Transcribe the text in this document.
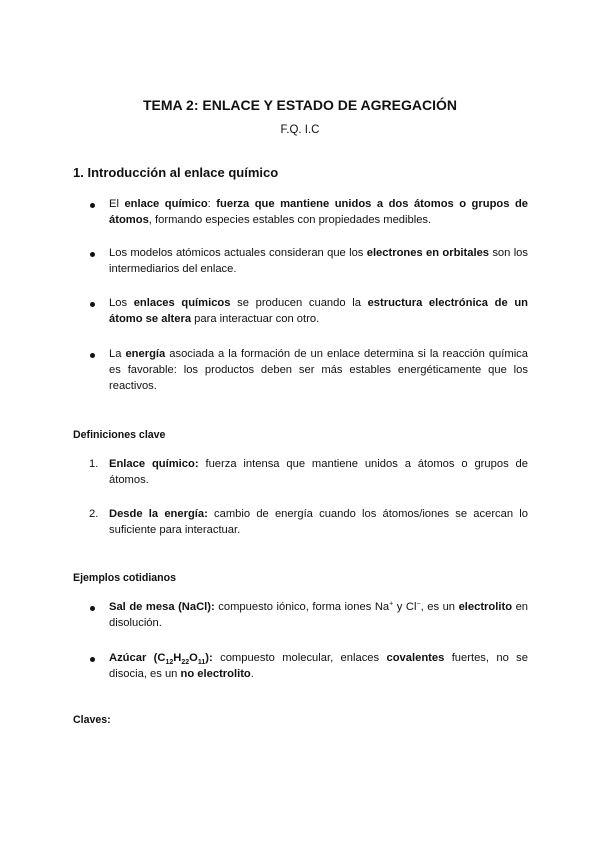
TEMA 2: ENLACE Y ESTADO DE AGREGACIÓN
F.Q. I.C
1. Introducción al enlace químico
El enlace químico: fuerza que mantiene unidos a dos átomos o grupos de átomos, formando especies estables con propiedades medibles.
Los modelos atómicos actuales consideran que los electrones en orbitales son los intermediarios del enlace.
Los enlaces químicos se producen cuando la estructura electrónica de un átomo se altera para interactuar con otro.
La energía asociada a la formación de un enlace determina si la reacción química es favorable: los productos deben ser más estables energéticamente que los reactivos.
Definiciones clave
1. Enlace químico: fuerza intensa que mantiene unidos a átomos o grupos de átomos.
2. Desde la energía: cambio de energía cuando los átomos/iones se acercan lo suficiente para interactuar.
Ejemplos cotidianos
Sal de mesa (NaCl): compuesto iónico, forma iones Na+ y Cl−, es un electrolito en disolución.
Azúcar $(C_{12}H_{22}O_{11})$: compuesto molecular, enlaces covalentes fuertes, no se disocia, es un no electrolito.
Claves:
